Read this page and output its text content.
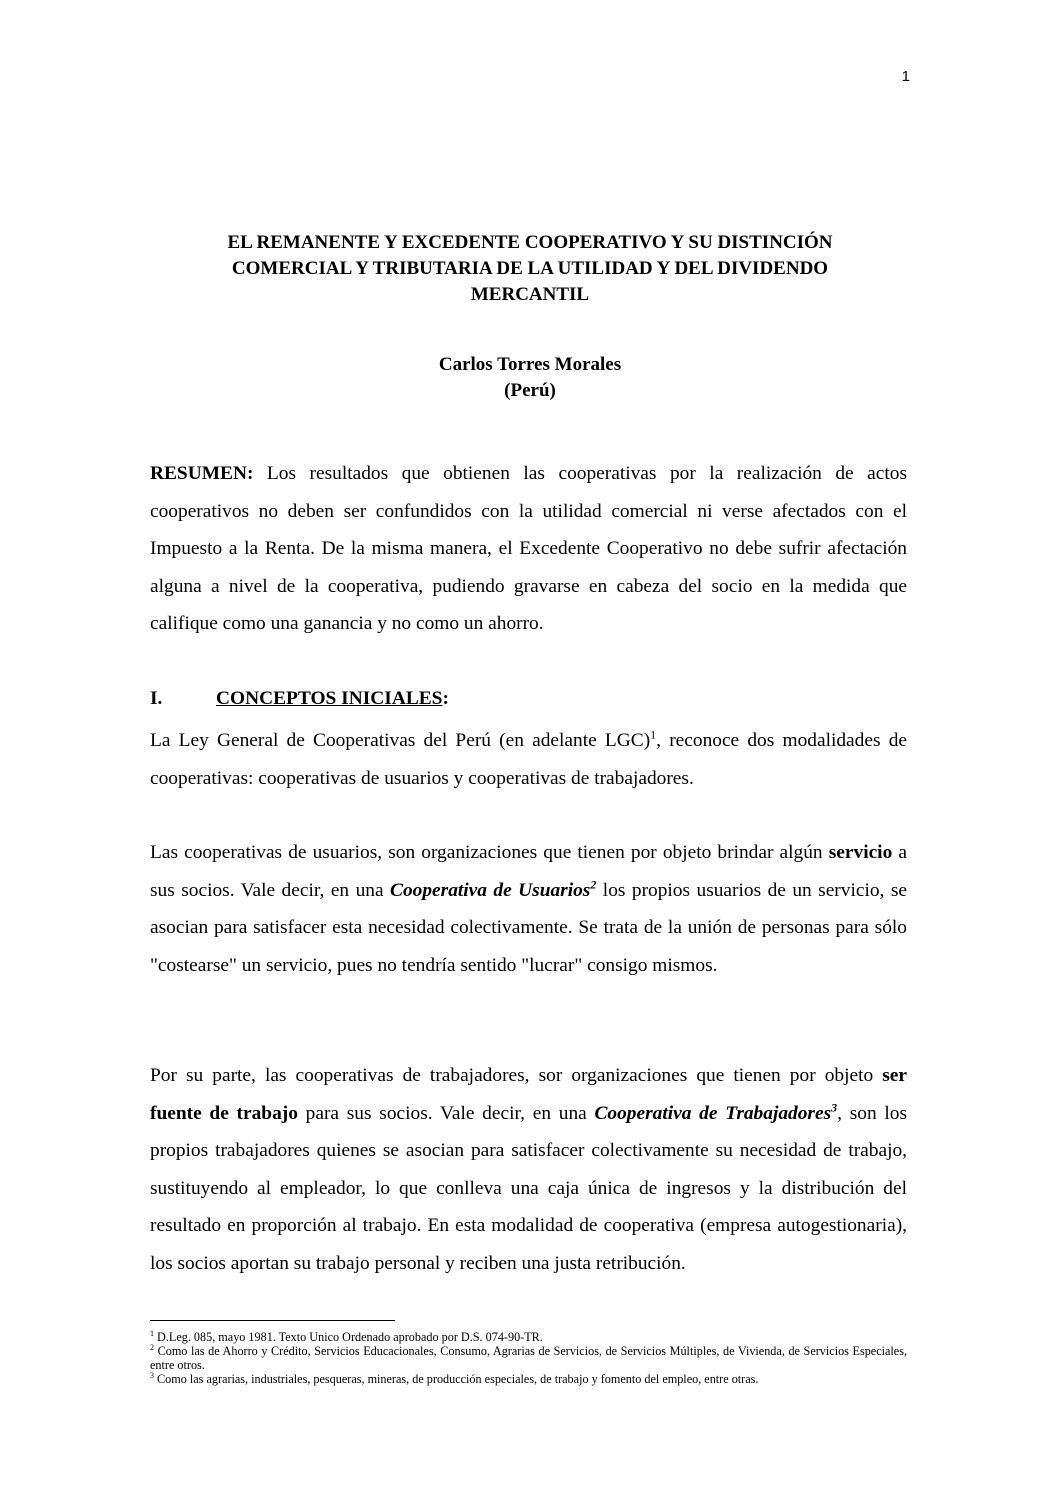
1
EL REMANENTE Y EXCEDENTE COOPERATIVO Y SU DISTINCIÓN
COMERCIAL Y TRIBUTARIA DE LA UTILIDAD Y DEL DIVIDENDO
MERCANTIL
Carlos Torres Morales
(Perú)

RESUMEN: Los resultados que obtienen las cooperativas por la realización de actos cooperativos no deben ser confundidos con la utilidad comercial ni verse afectados con el Impuesto a la Renta. De la misma manera, el Excedente Cooperativo no debe sufrir afectación alguna a nivel de la cooperativa, pudiendo gravarse en cabeza del socio en la medida que califique como una ganancia y no como un ahorro.

I.	CONCEPTOS INICIALES:

La Ley General de Cooperativas del Perú (en adelante LGC)$^1$, reconoce dos modalidades de cooperativas: cooperativas de usuarios y cooperativas de trabajadores.

Las cooperativas de usuarios, son organizaciones que tienen por objeto brindar algún servicio a sus socios. Vale decir, en una Cooperativa de Usuarios$^2$ los propios usuarios de un servicio, se asocian para satisfacer esta necesidad colectivamente. Se trata de la unión de personas para sólo "costearse" un servicio, pues no tendría sentido "lucrar" consigo mismos.

Por su parte, las cooperativas de trabajadores, sor organizaciones que tienen por objeto ser fuente de trabajo para sus socios. Vale decir, en una Cooperativa de Trabajadores$^3$, son los propios trabajadores quienes se asocian para satisfacer colectivamente su necesidad de trabajo, sustituyendo al empleador, lo que conlleva una caja única de ingresos y la distribución del resultado en proporción al trabajo. En esta modalidad de cooperativa (empresa autogestionaria), los socios aportan su trabajo personal y reciben una justa retribución.

$^1$ D.Leg. 085, mayo 1981. Texto Unico Ordenado aprobado por D.S. 074-90-TR.

$^2$ Como las de Ahorro y Crédito, Servicios Educacionales, Consumo, Agrarias de Servicios, de Servicios Múltiples, de Vivienda, de Servicios Especiales, entre otros.

$^3$ Como las agrarias, industriales, pesqueras, mineras, de producción especiales, de trabajo y fomento del empleo, entre otras.
